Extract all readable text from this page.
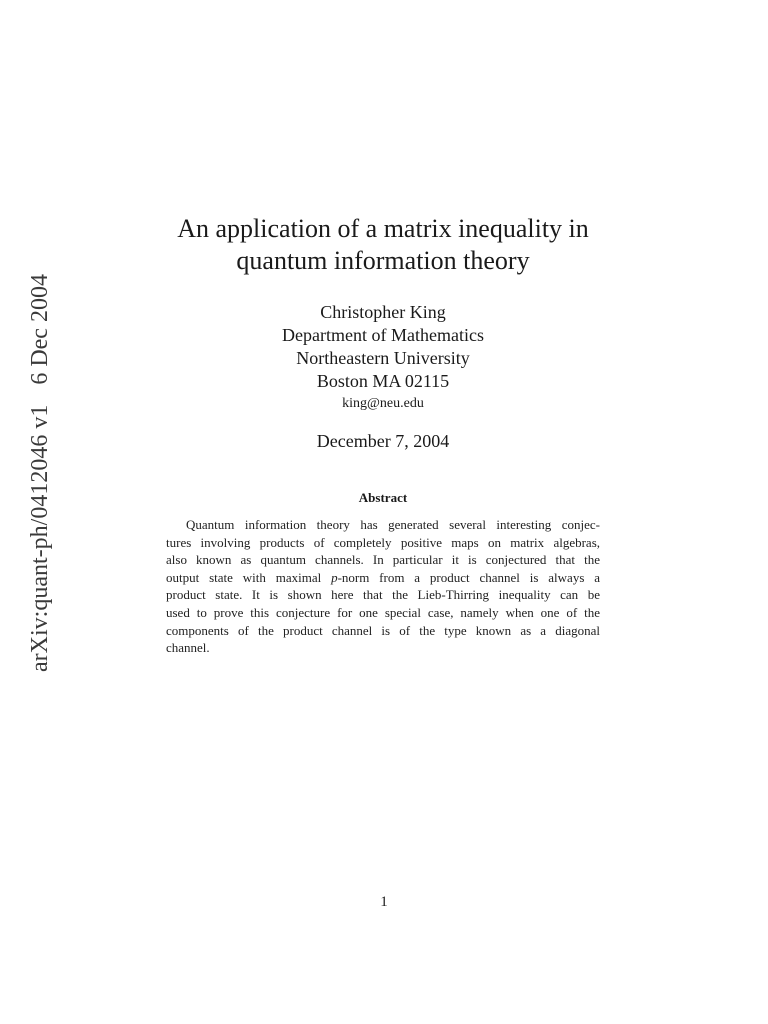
arXiv:quant-ph/0412046 v16 Dec 2004
An application of a matrix inequality in
quantum information theory
Christopher King
Department of Mathematics
Northeastern University
Boston MA 02115
king@neu.edu
December 7, 2004
Abstract
Quantum information theory has generated several interesting conjec-
tures involving products of completely positive maps on matrix algebras,
also known as quantum channels. In particular it is conjectured that the
output state with maximal p-norm from a product channel is always a
product state. It is shown here that the Lieb-Thirring inequality can be
used to prove this conjecture for one special case, namely when one of the
components of the product channel is of the type known as a diagonal
channel.
1
